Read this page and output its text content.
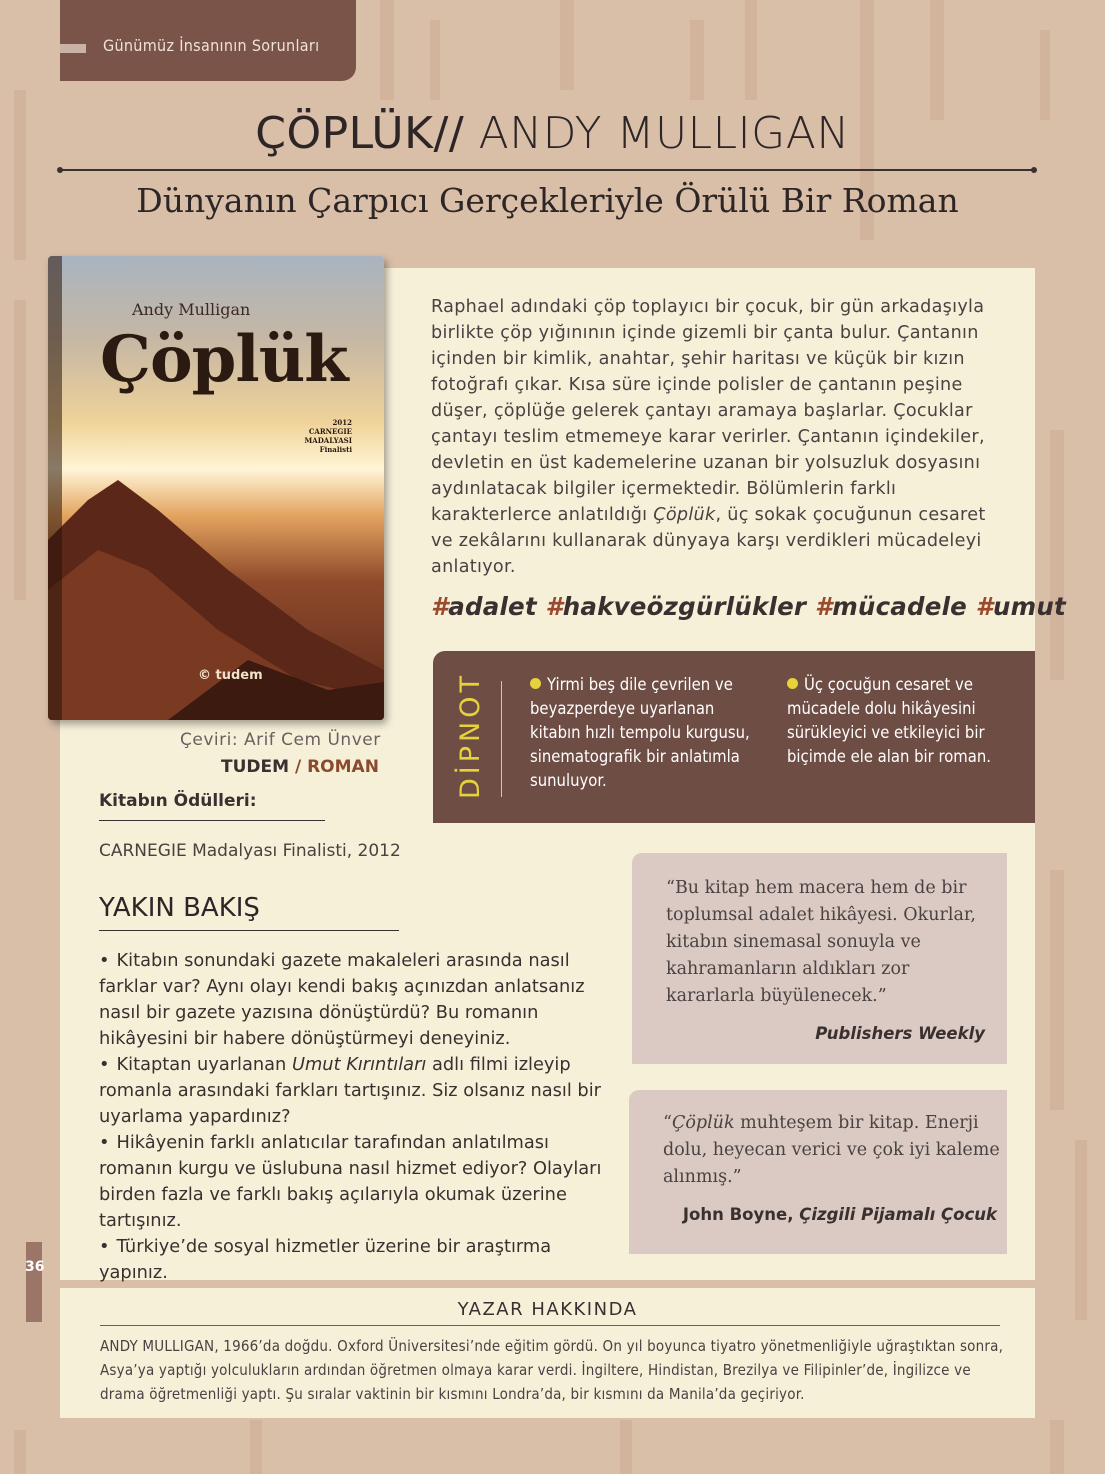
Günümüz İnsanının Sorunları
ÇÖPLÜK// ANDY MULLIGAN
Dünyanın Çarpıcı Gerçekleriyle Örülü Bir Roman
Andy Mulligan
Çöplük
2012 CARNEGIE MADALYASI Finalisti
© tudem
Çeviri: Arif Cem Ünver
TUDEM / ROMAN
Kitabın Ödülleri:
CARNEGIE Madalyası Finalisti, 2012

Raphael adındaki çöp toplayıcı bir çocuk, bir gün arkadaşıyla birlikte çöp yığınının içinde gizemli bir çanta bulur. Çantanın içinden bir kimlik, anahtar, şehir haritası ve küçük bir kızın fotoğrafı çıkar. Kısa süre içinde polisler de çantanın peşine düşer, çöplüğe gelerek çantayı aramaya başlarlar. Çocuklar çantayı teslim etmemeye karar verirler. Çantanın içindekiler, devletin en üst kademelerine uzanan bir yolsuzluk dosyasını aydınlatacak bilgiler içermektedir. Bölümlerin farklı karakterlerce anlatıldığı Çöplük, üç sokak çocuğunun cesaret ve zekâlarını kullanarak dünyaya karşı verdikleri mücadeleyi anlatıyor.

#adalet #hakveözgürlükler #mücadele #umut
DİPNOT	Yirmi beş dile çevrilen ve beyazperdeye uyarlanan kitabın hızlı tempolu kurgusu, sinematografik bir anlatımla sunuluyor.
Üç çocuğun cesaret ve mücadele dolu hikâyesini sürükleyici ve etkileyici bir biçimde ele alan bir roman.
YAKIN BAKIŞ
• Kitabın sonundaki gazete makaleleri arasında nasıl farklar var? Aynı olayı kendi bakış açınızdan anlatsanız nasıl bir gazete yazısına dönüştürdü? Bu romanın hikâyesini bir habere dönüştürmeyi deneyiniz.
• Kitaptan uyarlanan Umut Kırıntıları adlı filmi izleyip romanla arasındaki farkları tartışınız. Siz olsanız nasıl bir uyarlama yapardınız?
• Hikâyenin farklı anlatıcılar tarafından anlatılması romanın kurgu ve üslubuna nasıl hizmet ediyor? Olayları birden fazla ve farklı bakış açılarıyla okumak üzerine tartışınız.
• Türkiye’de sosyal hizmetler üzerine bir araştırma yapınız.
“Bu kitap hem macera hem de bir toplumsal adalet hikâyesi. Okurlar, kitabın sinemasal sonuyla ve kahramanların aldıkları zor kararlarla büyülenecek.”
Publishers Weekly
“Çöplük muhteşem bir kitap. Enerji dolu, heyecan verici ve çok iyi kaleme alınmış.”
John Boyne, Çizgili Pijamalı Çocuk
36
YAZAR HAKKINDA
ANDY MULLIGAN, 1966’da doğdu. Oxford Üniversitesi’nde eğitim gördü. On yıl boyunca tiyatro yönetmenliğiyle uğraştıktan sonra, Asya’ya yaptığı yolculukların ardından öğretmen olmaya karar verdi. İngiltere, Hindistan, Brezilya ve Filipinler’de, İngilizce ve drama öğretmenliği yaptı. Şu sıralar vaktinin bir kısmını Londra’da, bir kısmını da Manila’da geçiriyor.
